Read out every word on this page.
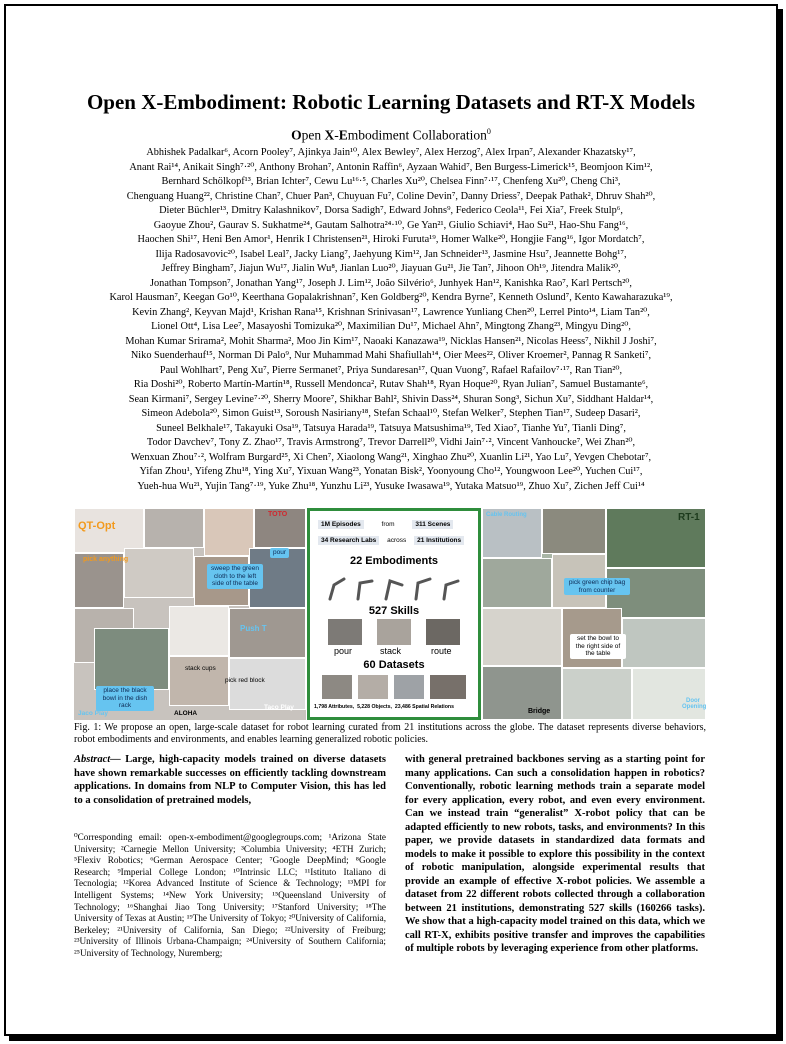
Open X-Embodiment: Robotic Learning Datasets and RT-X Models
Open X-Embodiment Collaboration$^0$
Abhishek Padalkar⁶, Acorn Pooley⁷, Ajinkya Jain¹⁰, Alex Bewley⁷, Alex Herzog⁷, Alex Irpan⁷, Alexander Khazatsky¹⁷,
Anant Rai¹⁴, Anikait Singh⁷·²⁰, Anthony Brohan⁷, Antonin Raffin⁶, Ayzaan Wahid⁷, Ben Burgess-Limerick¹⁵, Beomjoon Kim¹²,
Bernhard Schölkopf¹³, Brian Ichter⁷, Cewu Lu¹⁶·⁵, Charles Xu²⁰, Chelsea Finn⁷·¹⁷, Chenfeng Xu²⁰, Cheng Chi³,
Chenguang Huang²², Christine Chan⁷, Chuer Pan³, Chuyuan Fu⁷, Coline Devin⁷, Danny Driess⁷, Deepak Pathak², Dhruv Shah²⁰,
Dieter Büchler¹³, Dmitry Kalashnikov⁷, Dorsa Sadigh⁷, Edward Johns⁹, Federico Ceola¹¹, Fei Xia⁷, Freek Stulp⁶,
Gaoyue Zhou², Gaurav S. Sukhatme²⁴, Gautam Salhotra²⁴·¹⁰, Ge Yan²¹, Giulio Schiavi⁴, Hao Su²¹, Hao-Shu Fang¹⁶,
Haochen Shi¹⁷, Heni Ben Amor¹, Henrik I Christensen²¹, Hiroki Furuta¹⁹, Homer Walke²⁰, Hongjie Fang¹⁶, Igor Mordatch⁷,
Ilija Radosavovic²⁰, Isabel Leal⁷, Jacky Liang⁷, Jaehyung Kim¹², Jan Schneider¹³, Jasmine Hsu⁷, Jeannette Bohg¹⁷,
Jeffrey Bingham⁷, Jiajun Wu¹⁷, Jialin Wu⁸, Jianlan Luo²⁰, Jiayuan Gu²¹, Jie Tan⁷, Jihoon Oh¹⁹, Jitendra Malik²⁰,
Jonathan Tompson⁷, Jonathan Yang¹⁷, Joseph J. Lim¹², João Silvério⁶, Junhyek Han¹², Kanishka Rao⁷, Karl Pertsch²⁰,
Karol Hausman⁷, Keegan Go¹⁰, Keerthana Gopalakrishnan⁷, Ken Goldberg²⁰, Kendra Byrne⁷, Kenneth Oslund⁷, Kento Kawaharazuka¹⁹,
Kevin Zhang², Keyvan Majd¹, Krishan Rana¹⁵, Krishnan Srinivasan¹⁷, Lawrence Yunliang Chen²⁰, Lerrel Pinto¹⁴, Liam Tan²⁰,
Lionel Ott⁴, Lisa Lee⁷, Masayoshi Tomizuka²⁰, Maximilian Du¹⁷, Michael Ahn⁷, Mingtong Zhang²³, Mingyu Ding²⁰,
Mohan Kumar Srirama², Mohit Sharma², Moo Jin Kim¹⁷, Naoaki Kanazawa¹⁹, Nicklas Hansen²¹, Nicolas Heess⁷, Nikhil J Joshi⁷,
Niko Suenderhauf¹⁵, Norman Di Palo⁹, Nur Muhammad Mahi Shafiullah¹⁴, Oier Mees²², Oliver Kroemer², Pannag R Sanketi⁷,
Paul Wohlhart⁷, Peng Xu⁷, Pierre Sermanet⁷, Priya Sundaresan¹⁷, Quan Vuong⁷, Rafael Rafailov⁷·¹⁷, Ran Tian²⁰,
Ria Doshi²⁰, Roberto Martín-Martín¹⁸, Russell Mendonca², Rutav Shah¹⁸, Ryan Hoque²⁰, Ryan Julian⁷, Samuel Bustamante⁶,
Sean Kirmani⁷, Sergey Levine⁷·²⁰, Sherry Moore⁷, Shikhar Bahl², Shivin Dass²⁴, Shuran Song³, Sichun Xu⁷, Siddhant Haldar¹⁴,
Simeon Adebola²⁰, Simon Guist¹³, Soroush Nasiriany¹⁸, Stefan Schaal¹⁰, Stefan Welker⁷, Stephen Tian¹⁷, Sudeep Dasari²,
Suneel Belkhale¹⁷, Takayuki Osa¹⁹, Tatsuya Harada¹⁹, Tatsuya Matsushima¹⁹, Ted Xiao⁷, Tianhe Yu⁷, Tianli Ding⁷,
Todor Davchev⁷, Tony Z. Zhao¹⁷, Travis Armstrong⁷, Trevor Darrell²⁰, Vidhi Jain⁷·², Vincent Vanhoucke⁷, Wei Zhan²⁰,
Wenxuan Zhou⁷·², Wolfram Burgard²⁵, Xi Chen⁷, Xiaolong Wang²¹, Xinghao Zhu²⁰, Xuanlin Li²¹, Yao Lu⁷, Yevgen Chebotar⁷,
Yifan Zhou¹, Yifeng Zhu¹⁸, Ying Xu⁷, Yixuan Wang²³, Yonatan Bisk², Yoonyoung Cho¹², Youngwoon Lee²⁰, Yuchen Cui¹⁷,
Yueh-hua Wu²¹, Yujin Tang⁷·¹⁹, Yuke Zhu¹⁸, Yunzhu Li²³, Yusuke Iwasawa¹⁹, Yutaka Matsuo¹⁹, Zhuo Xu⁷, Zichen Jeff Cui¹⁴
QT-Opt
TOTO
pick anything
pour
sweep the green cloth to the left side of the table
Push T
stack cups
place the black bowl in the dish rack
pick red block
Jaco Play	ALOHA
Taco Play
1M Episodes	from	311 Scenes
34 Research Labs across 21 Institutions
22 Embodiments
527 Skills
pour	stack	route
60 Datasets
1,798 Attributes,  5,228 Objects,  23,486 Spatial Relations
Cable Routing	RT-1
pick green chip bag from counter
set the bowl to the right side of the table
Bridge
Door Opening
Fig. 1: We propose an open, large-scale dataset for robot learning curated from 21 institutions across the globe. The dataset represents diverse behaviors, robot embodiments and environments, and enables learning generalized robotic policies.
Abstract— Large, high-capacity models trained on diverse datasets have shown remarkable successes on efficiently tackling downstream applications. In domains from NLP to Computer Vision, this has led to a consolidation of pretrained models,
with general pretrained backbones serving as a starting point for many applications. Can such a consolidation happen in robotics? Conventionally, robotic learning methods train a separate model for every application, every robot, and even every environment. Can we instead train “generalist” X-robot policy that can be adapted efficiently to new robots, tasks, and environments? In this paper, we provide datasets in standardized data formats and models to make it possible to explore this possibility in the context of robotic manipulation, alongside experimental results that provide an example of effective X-robot policies. We assemble a dataset from 22 different robots collected through a collaboration between 21 institutions, demonstrating 527 skills (160266 tasks). We show that a high-capacity model trained on this data, which we call RT-X, exhibits positive transfer and improves the capabilities of multiple robots by leveraging experience from other platforms.
⁰Corresponding email: open-x-embodiment@googlegroups.com; ¹Arizona State University; ²Carnegie Mellon University; ³Columbia University; ⁴ETH Zurich; ⁵Flexiv Robotics; ⁶German Aerospace Center; ⁷Google DeepMind; ⁸Google Research; ⁹Imperial College London; ¹⁰Intrinsic LLC; ¹¹Istituto Italiano di Tecnologia; ¹²Korea Advanced Institute of Science & Technology; ¹³MPI for Intelligent Systems; ¹⁴New York University; ¹⁵Queensland University of Technology; ¹⁶Shanghai Jiao Tong University; ¹⁷Stanford University; ¹⁸The University of Texas at Austin; ¹⁹The University of Tokyo; ²⁰University of California, Berkeley; ²¹University of California, San Diego; ²²University of Freiburg; ²³University of Illinois Urbana-Champaign; ²⁴University of Southern California; ²⁵University of Technology, Nuremberg;
